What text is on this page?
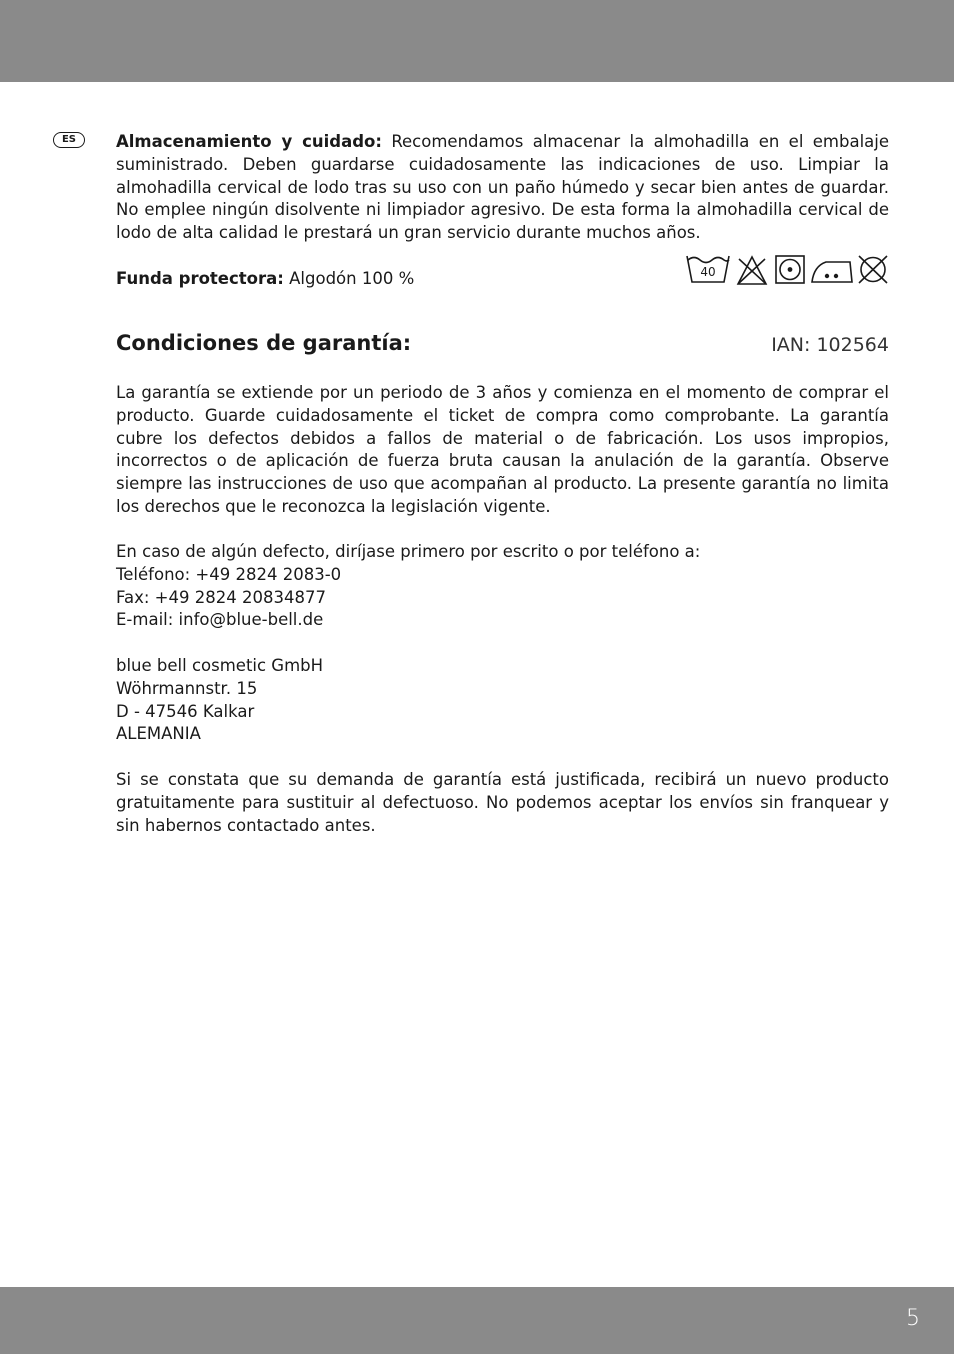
ES	Almacenamiento y cuidado: Recomendamos almacenar la almohadilla en el embalaje suministrado. Deben guardarse cuidadosamente las indicaciones de uso. Limpiar la almohadilla cervical de lodo tras su uso con un paño húmedo y secar bien antes de guardar. No emplee ningún disolvente ni limpiador agresivo. De esta forma la almohadilla cervical de lodo de alta calidad le prestará un gran servicio durante muchos años.

Funda protectora: Algodón 100 %	40
Condiciones de garantía:	IAN: 102564

La garantía se extiende por un periodo de 3 años y comienza en el momento de comprar el producto. Guarde cuidadosamente el ticket de compra como comprobante. La garantía cubre los defectos debidos a fallos de material o de fabricación. Los usos impropios, incorrectos o de aplicación de fuerza bruta causan la anulación de la garantía. Observe siempre las instrucciones de uso que acompañan al producto. La presente garantía no limita los derechos que le reconozca la legislación vigente.

En caso de algún defecto, diríjase primero por escrito o por teléfono a:
Teléfono: +49 2824 2083-0
Fax: +49 2824 20834877
E-mail: info@blue-bell.de
blue bell cosmetic GmbH
Wöhrmannstr. 15
D - 47546 Kalkar
ALEMANIA

Si se constata que su demanda de garantía está justificada, recibirá un nuevo producto gratuitamente para sustituir al defectuoso. No podemos aceptar los envíos sin franquear y sin habernos contactado antes.

5
